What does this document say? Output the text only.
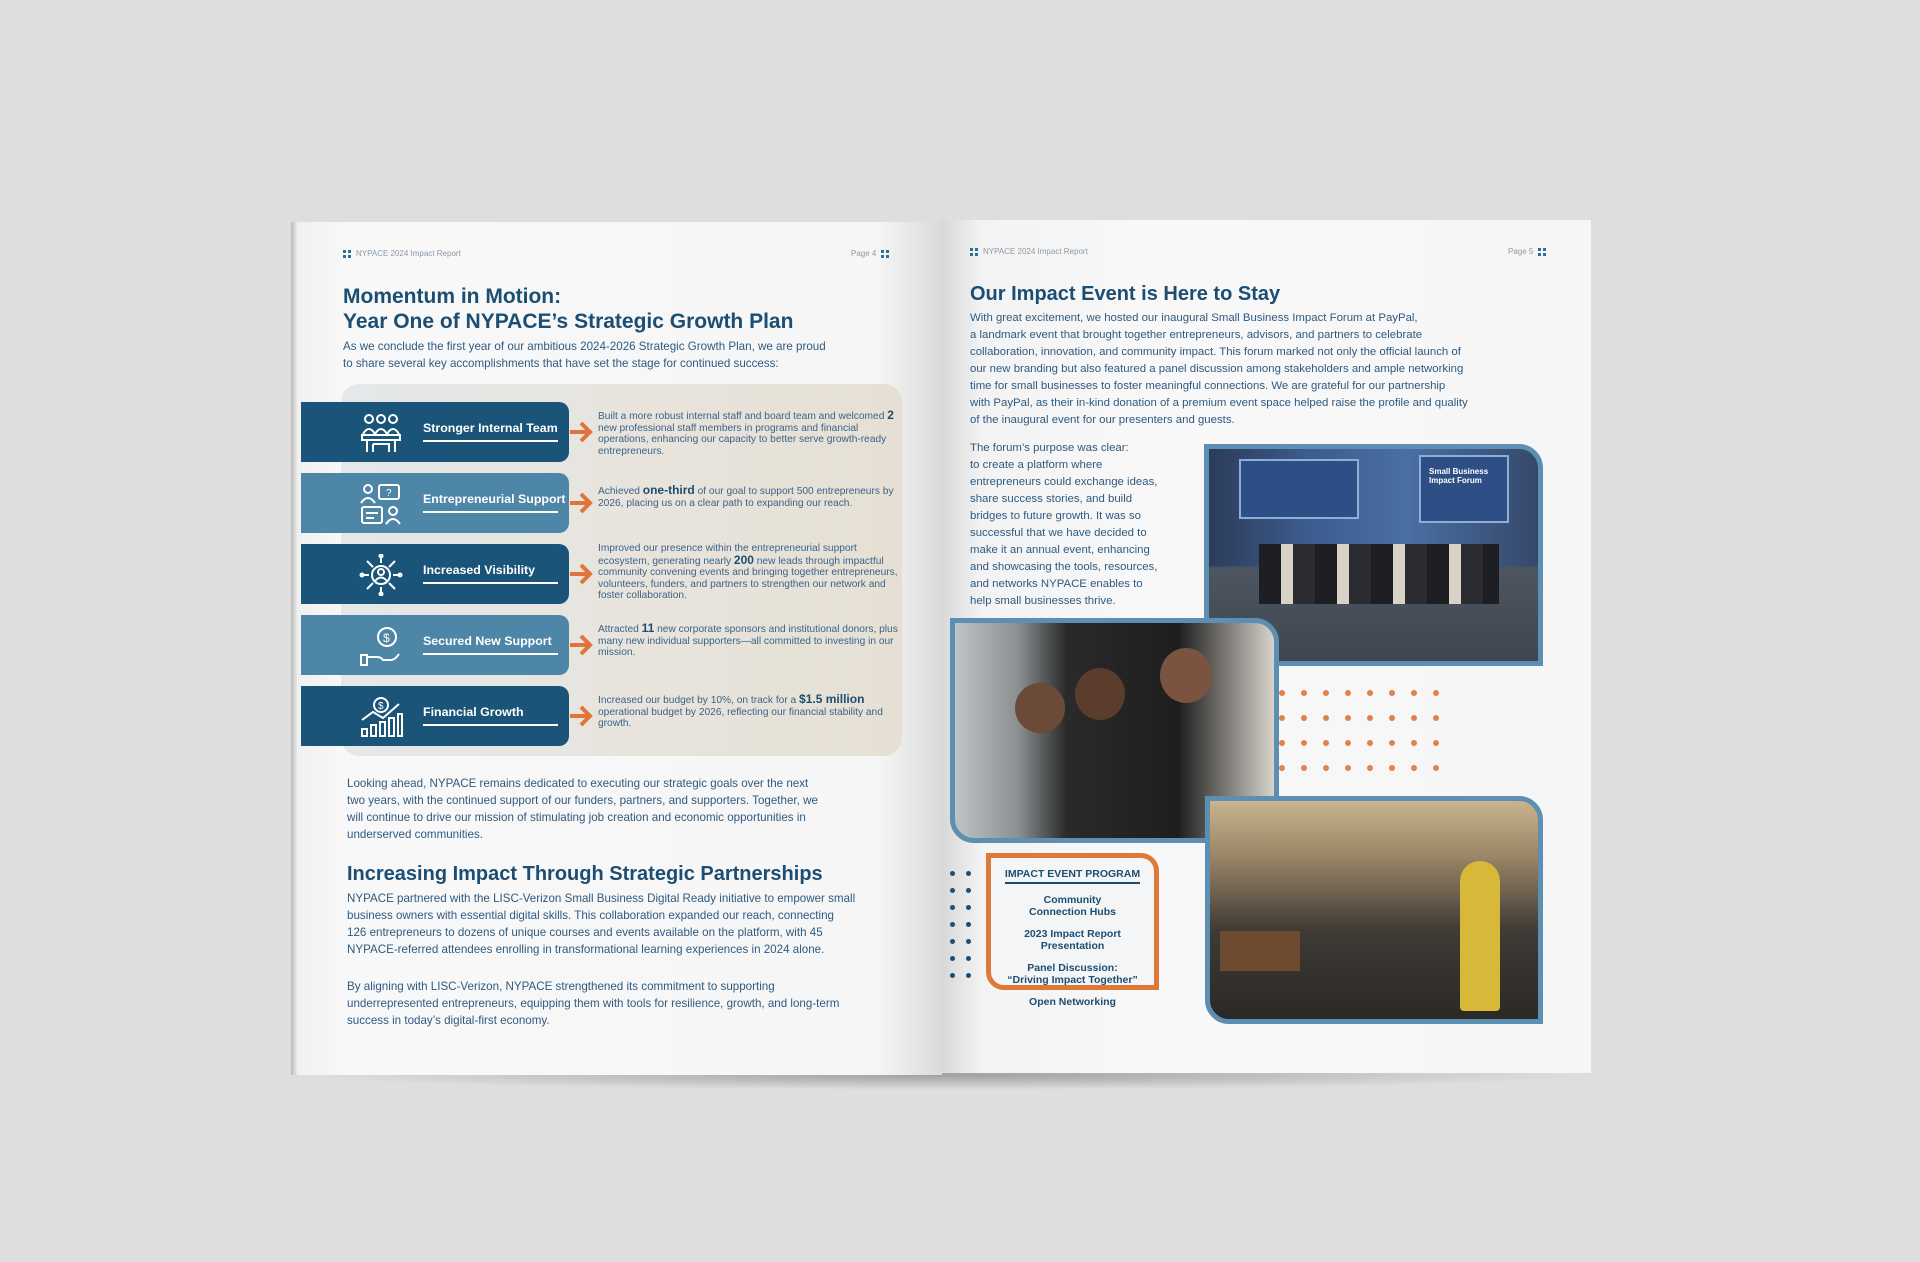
NYPACE 2024 Impact Report	Page 4
Momentum in Motion:
Year One of NYPACE’s Strategic Growth Plan
As we conclude the first year of our ambitious 2024-2026 Strategic Growth Plan, we are proud
to share several key accomplishments that have set the stage for continued success:
Stronger Internal Team
Built a more robust internal staff and board team and welcomed 2 new professional staff members in programs and financial operations, enhancing our capacity to better serve growth-ready entrepreneurs.
?	Entrepreneurial Support
Achieved one-third of our goal to support 500 entrepreneurs by 2026, placing us on a clear path to expanding our reach.
Increased Visibility
Improved our presence within the entrepreneurial support ecosystem, generating nearly 200 new leads through impactful community convening events and bringing together entrepreneurs, volunteers, funders, and partners to strengthen our network and foster collaboration.
$	Secured New Support
Attracted 11 new corporate sponsors and institutional donors, plus many new individual supporters—all committed to investing in our mission.
$	Financial Growth
Increased our budget by 10%, on track for a $1.5 million operational budget by 2026, reflecting our financial stability and growth.
Looking ahead, NYPACE remains dedicated to executing our strategic goals over the next
two years, with the continued support of our funders, partners, and supporters. Together, we
will continue to drive our mission of stimulating job creation and economic opportunities in
underserved communities.
Increasing Impact Through Strategic Partnerships
NYPACE partnered with the LISC-Verizon Small Business Digital Ready initiative to empower small
business owners with essential digital skills. This collaboration expanded our reach, connecting
126 entrepreneurs to dozens of unique courses and events available on the platform, with 45
NYPACE-referred attendees enrolling in transformational learning experiences in 2024 alone.
By aligning with LISC-Verizon, NYPACE strengthened its commitment to supporting
underrepresented entrepreneurs, equipping them with tools for resilience, growth, and long-term
success in today’s digital-first economy.
NYPACE 2024 Impact Report	Page 5
Our Impact Event is Here to Stay
With great excitement, we hosted our inaugural Small Business Impact Forum at PayPal,
a landmark event that brought together entrepreneurs, advisors, and partners to celebrate
collaboration, innovation, and community impact. This forum marked not only the official launch of
our new branding but also featured a panel discussion among stakeholders and ample networking
time for small businesses to foster meaningful connections. We are grateful for our partnership
with PayPal, as their in-kind donation of a premium event space helped raise the profile and quality
of the inaugural event for our presenters and guests.
The forum’s purpose was clear:
to create a platform where
entrepreneurs could exchange ideas,
share success stories, and build
bridges to future growth. It was so
successful that we have decided to
make it an annual event, enhancing
and showcasing the tools, resources,
and networks NYPACE enables to
help small businesses thrive.
Small Business Impact Forum
IMPACT EVENT PROGRAM
Community
Connection Hubs
2023 Impact Report
Presentation
Panel Discussion:
“Driving Impact Together”
Open Networking
